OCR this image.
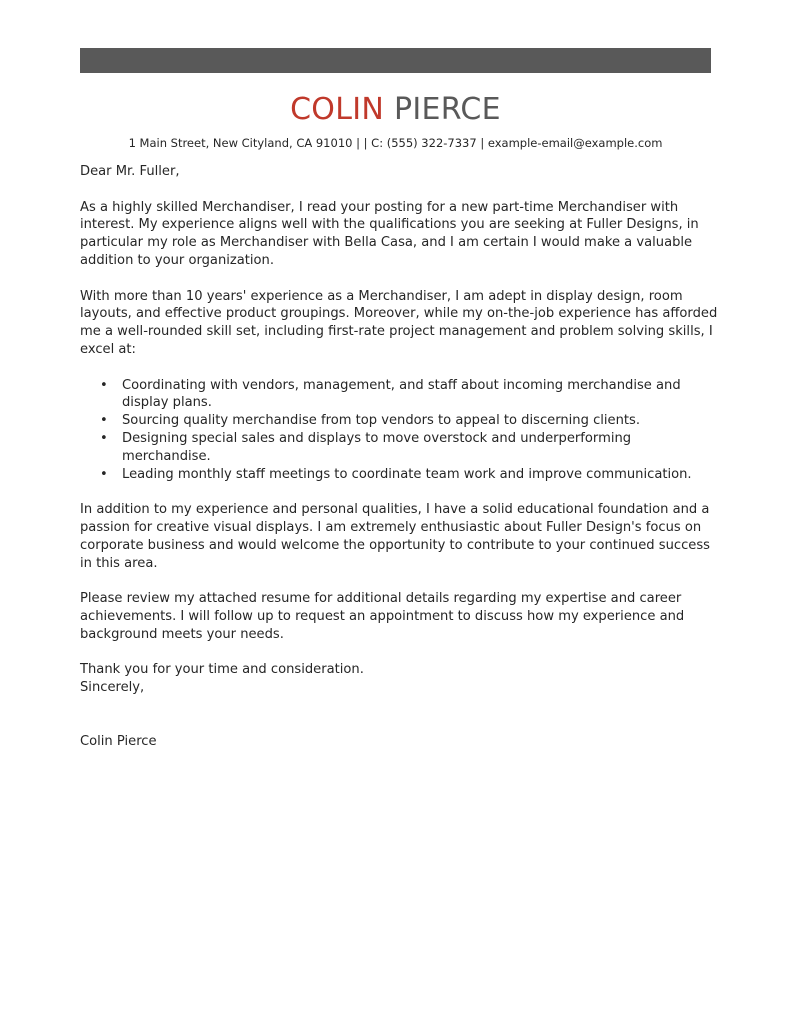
COLIN PIERCE
1 Main Street, New Cityland, CA 91010 | | C: (555) 322-7337 | example-email@example.com

Dear Mr. Fuller,

As a highly skilled Merchandiser, I read your posting for a new part-time Merchandiser with interest. My experience aligns well with the qualifications you are seeking at Fuller Designs, in particular my role as Merchandiser with Bella Casa, and I am certain I would make a valuable addition to your organization.

With more than 10 years' experience as a Merchandiser, I am adept in display design, room layouts, and effective product groupings. Moreover, while my on-the-job experience has afforded me a well-rounded skill set, including first-rate project management and problem solving skills, I excel at:

• Coordinating with vendors, management, and staff about incoming merchandise and display plans.
• Sourcing quality merchandise from top vendors to appeal to discerning clients.
• Designing special sales and displays to move overstock and underperforming merchandise.
• Leading monthly staff meetings to coordinate team work and improve communication.

In addition to my experience and personal qualities, I have a solid educational foundation and a passion for creative visual displays. I am extremely enthusiastic about Fuller Design's focus on corporate business and would welcome the opportunity to contribute to your continued success in this area.

Please review my attached resume for additional details regarding my expertise and career achievements. I will follow up to request an appointment to discuss how my experience and background meets your needs.

Thank you for your time and consideration.

Sincerely,

Colin Pierce
